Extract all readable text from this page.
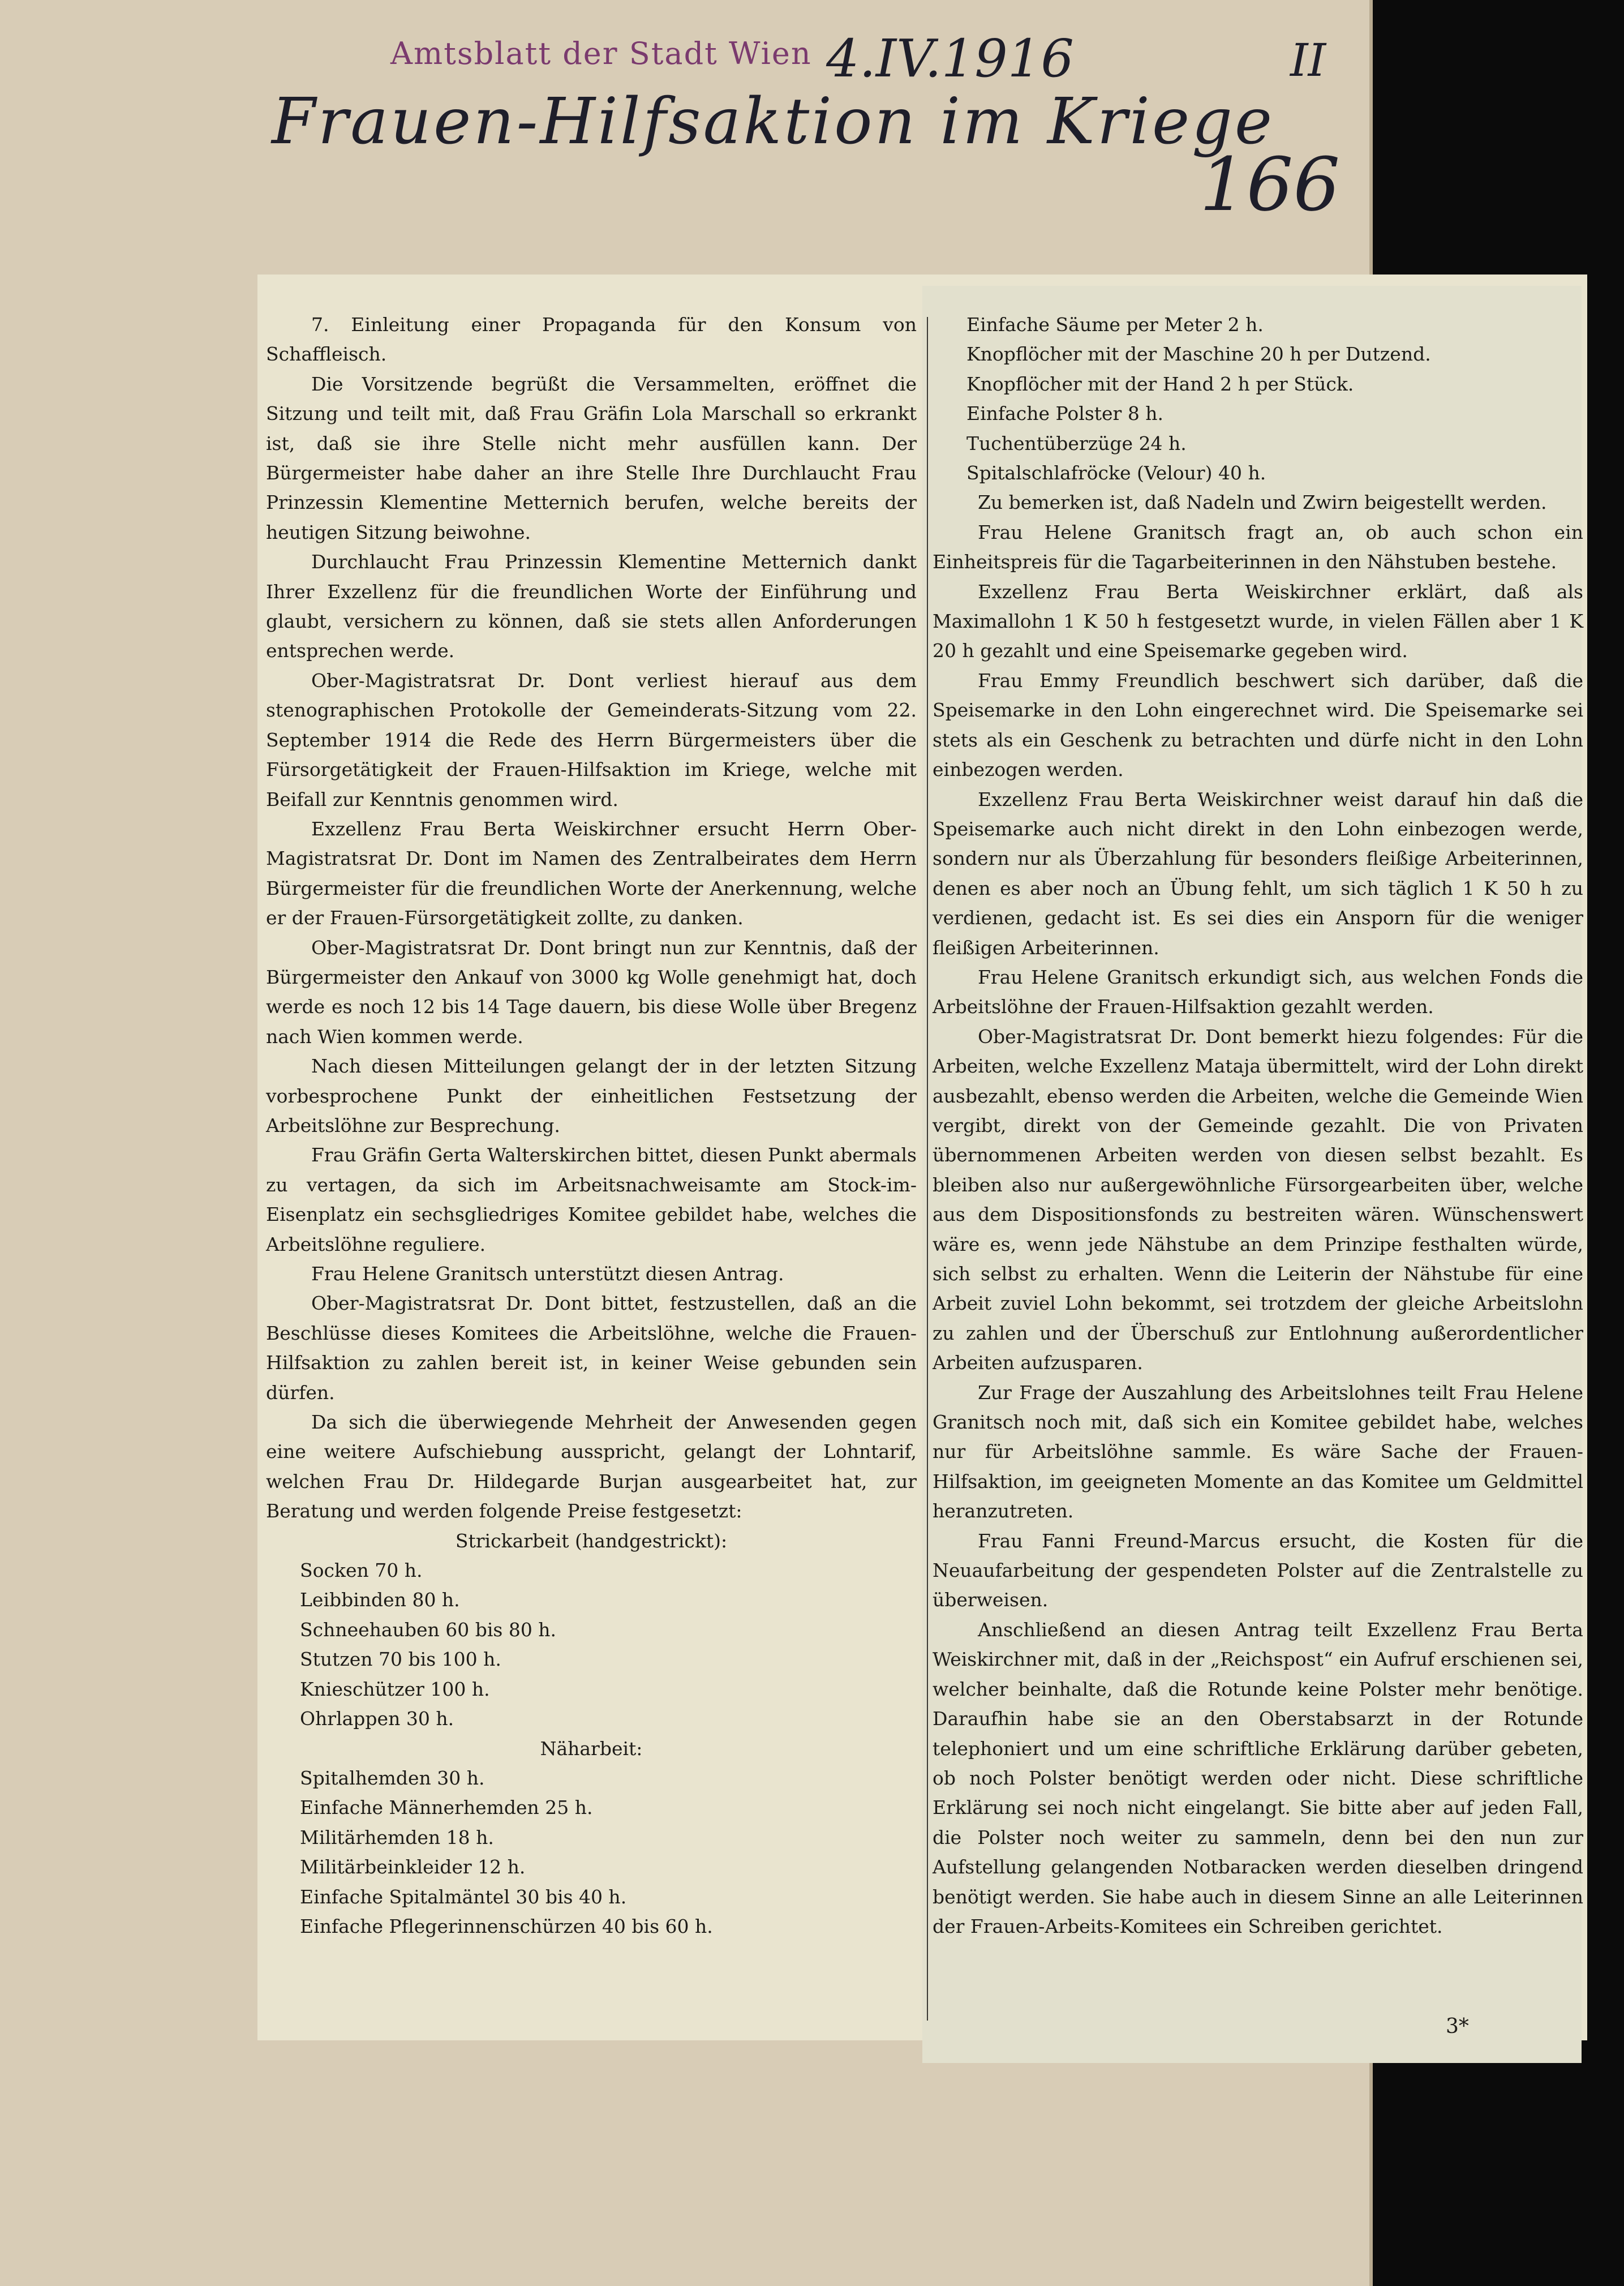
Amtsblatt der Stadt Wien 4.IV.1916	II
Frauen-Hilfsaktion im Kriege
166

7. Einleitung einer Propaganda für den Konsum von Schaffleisch.

Die Vorsitzende begrüßt die Versammelten, eröffnet die Sitzung und teilt mit, daß Frau Gräfin Lola Marschall so erkrankt ist, daß sie ihre Stelle nicht mehr ausfüllen kann. Der Bürgermeister habe daher an ihre Stelle Ihre Durchlaucht Frau Prinzessin Klementine Metternich berufen, welche bereits der heutigen Sitzung beiwohne.

Durchlaucht Frau Prinzessin Klementine Metternich dankt Ihrer Exzellenz für die freundlichen Worte der Einführung und glaubt, versichern zu können, daß sie stets allen Anforderungen entsprechen werde.

Ober-Magistratsrat Dr. Dont verliest hierauf aus dem stenographischen Protokolle der Gemeinderats-Sitzung vom 22. September 1914 die Rede des Herrn Bürgermeisters über die Fürsorgetätigkeit der Frauen-Hilfsaktion im Kriege, welche mit Beifall zur Kenntnis genommen wird.

Exzellenz Frau Berta Weiskirchner ersucht Herrn Ober-Magistratsrat Dr. Dont im Namen des Zentralbeirates dem Herrn Bürgermeister für die freundlichen Worte der Anerkennung, welche er der Frauen-Fürsorgetätigkeit zollte, zu danken.

Ober-Magistratsrat Dr. Dont bringt nun zur Kenntnis, daß der Bürgermeister den Ankauf von 3000 kg Wolle genehmigt hat, doch werde es noch 12 bis 14 Tage dauern, bis diese Wolle über Bregenz nach Wien kommen werde.

Nach diesen Mitteilungen gelangt der in der letzten Sitzung vorbesprochene Punkt der einheitlichen Festsetzung der Arbeitslöhne zur Besprechung.

Frau Gräfin Gerta Walterskirchen bittet, diesen Punkt abermals zu vertagen, da sich im Arbeitsnachweisamte am Stock-im-Eisenplatz ein sechsgliedriges Komitee gebildet habe, welches die Arbeitslöhne reguliere.

Frau Helene Granitsch unterstützt diesen Antrag.

Ober-Magistratsrat Dr. Dont bittet, festzustellen, daß an die Beschlüsse dieses Komitees die Arbeitslöhne, welche die Frauen-Hilfsaktion zu zahlen bereit ist, in keiner Weise gebunden sein dürfen.

Da sich die überwiegende Mehrheit der Anwesenden gegen eine weitere Aufschiebung ausspricht, gelangt der Lohntarif, welchen Frau Dr. Hildegarde Burjan ausgearbeitet hat, zur Beratung und werden folgende Preise festgesetzt:

Strickarbeit (handgestrickt):

Socken 70 h.

Leibbinden 80 h.

Schneehauben 60 bis 80 h.

Stutzen 70 bis 100 h.

Knieschützer 100 h.

Ohrlappen 30 h.

Näharbeit:

Spitalhemden 30 h.

Einfache Männerhemden 25 h.

Militärhemden 18 h.

Militärbeinkleider 12 h.

Einfache Spitalmäntel 30 bis 40 h.

Einfache Pflegerinnenschürzen 40 bis 60 h.

Einfache Säume per Meter 2 h.

Knopflöcher mit der Maschine 20 h per Dutzend.

Knopflöcher mit der Hand 2 h per Stück.

Einfache Polster 8 h.

Tuchentüberzüge 24 h.

Spitalschlafröcke (Velour) 40 h.

Zu bemerken ist, daß Nadeln und Zwirn beigestellt werden.

Frau Helene Granitsch fragt an, ob auch schon ein Einheitspreis für die Tagarbeiterinnen in den Nähstuben bestehe.

Exzellenz Frau Berta Weiskirchner erklärt, daß als Maximallohn 1 K 50 h festgesetzt wurde, in vielen Fällen aber 1 K 20 h gezahlt und eine Speisemarke gegeben wird.

Frau Emmy Freundlich beschwert sich darüber, daß die Speisemarke in den Lohn eingerechnet wird. Die Speisemarke sei stets als ein Geschenk zu betrachten und dürfe nicht in den Lohn einbezogen werden.

Exzellenz Frau Berta Weiskirchner weist darauf hin daß die Speisemarke auch nicht direkt in den Lohn einbezogen werde, sondern nur als Überzahlung für besonders fleißige Arbeiterinnen, denen es aber noch an Übung fehlt, um sich täglich 1 K 50 h zu verdienen, gedacht ist. Es sei dies ein Ansporn für die weniger fleißigen Arbeiterinnen.

Frau Helene Granitsch erkundigt sich, aus welchen Fonds die Arbeitslöhne der Frauen-Hilfsaktion gezahlt werden.

Ober-Magistratsrat Dr. Dont bemerkt hiezu folgendes: Für die Arbeiten, welche Exzellenz Mataja übermittelt, wird der Lohn direkt ausbezahlt, ebenso werden die Arbeiten, welche die Gemeinde Wien vergibt, direkt von der Gemeinde gezahlt. Die von Privaten übernommenen Arbeiten werden von diesen selbst bezahlt. Es bleiben also nur außergewöhnliche Fürsorgearbeiten über, welche aus dem Dispositionsfonds zu bestreiten wären. Wünschenswert wäre es, wenn jede Nähstube an dem Prinzipe festhalten würde, sich selbst zu erhalten. Wenn die Leiterin der Nähstube für eine Arbeit zuviel Lohn bekommt, sei trotzdem der gleiche Arbeitslohn zu zahlen und der Überschuß zur Entlohnung außerordentlicher Arbeiten aufzusparen.

Zur Frage der Auszahlung des Arbeitslohnes teilt Frau Helene Granitsch noch mit, daß sich ein Komitee gebildet habe, welches nur für Arbeitslöhne sammle. Es wäre Sache der Frauen-Hilfsaktion, im geeigneten Momente an das Komitee um Geldmittel heranzutreten.

Frau Fanni Freund-Marcus ersucht, die Kosten für die Neuaufarbeitung der gespendeten Polster auf die Zentralstelle zu überweisen.

Anschließend an diesen Antrag teilt Exzellenz Frau Berta Weiskirchner mit, daß in der „Reichspost“ ein Aufruf erschienen sei, welcher beinhalte, daß die Rotunde keine Polster mehr benötige. Daraufhin habe sie an den Oberstabsarzt in der Rotunde telephoniert und um eine schriftliche Erklärung darüber gebeten, ob noch Polster benötigt werden oder nicht. Diese schriftliche Erklärung sei noch nicht eingelangt. Sie bitte aber auf jeden Fall, die Polster noch weiter zu sammeln, denn bei den nun zur Aufstellung gelangenden Notbaracken werden dieselben dringend benötigt werden. Sie habe auch in diesem Sinne an alle Leiterinnen der Frauen-Arbeits-Komitees ein Schreiben gerichtet.

3*
